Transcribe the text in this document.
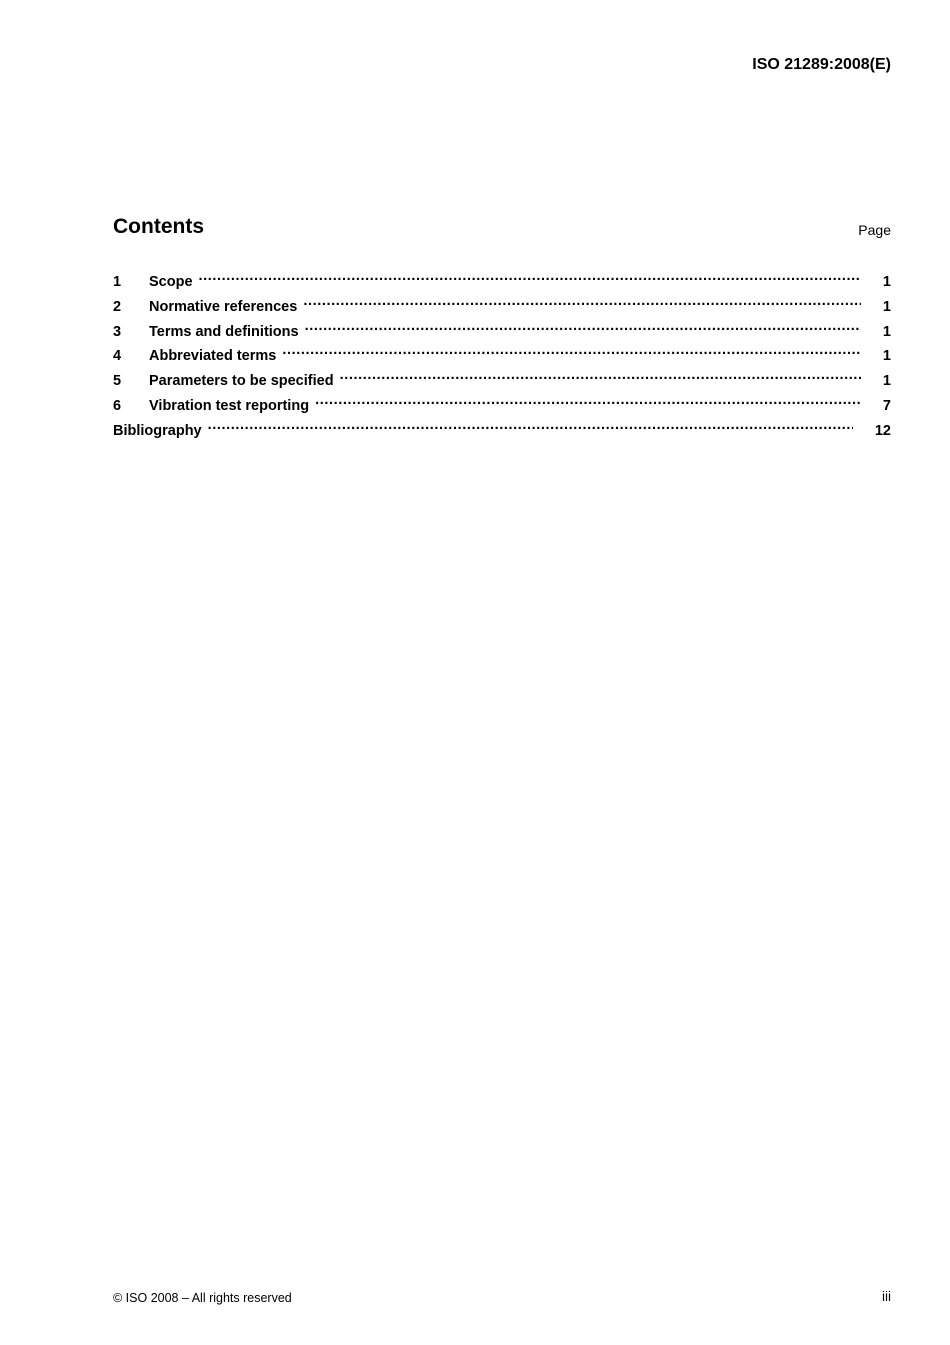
ISO 21289:2008(E)
Contents	Page
1	Scope .....	1
2	Normative references .....	1
3	Terms and definitions .....	1
4	Abbreviated terms .....	1
5	Parameters to be specified .....	1
6	Vibration test reporting .....	7
Bibliography .....	12
© ISO 2008 – All rights reserved	iii
